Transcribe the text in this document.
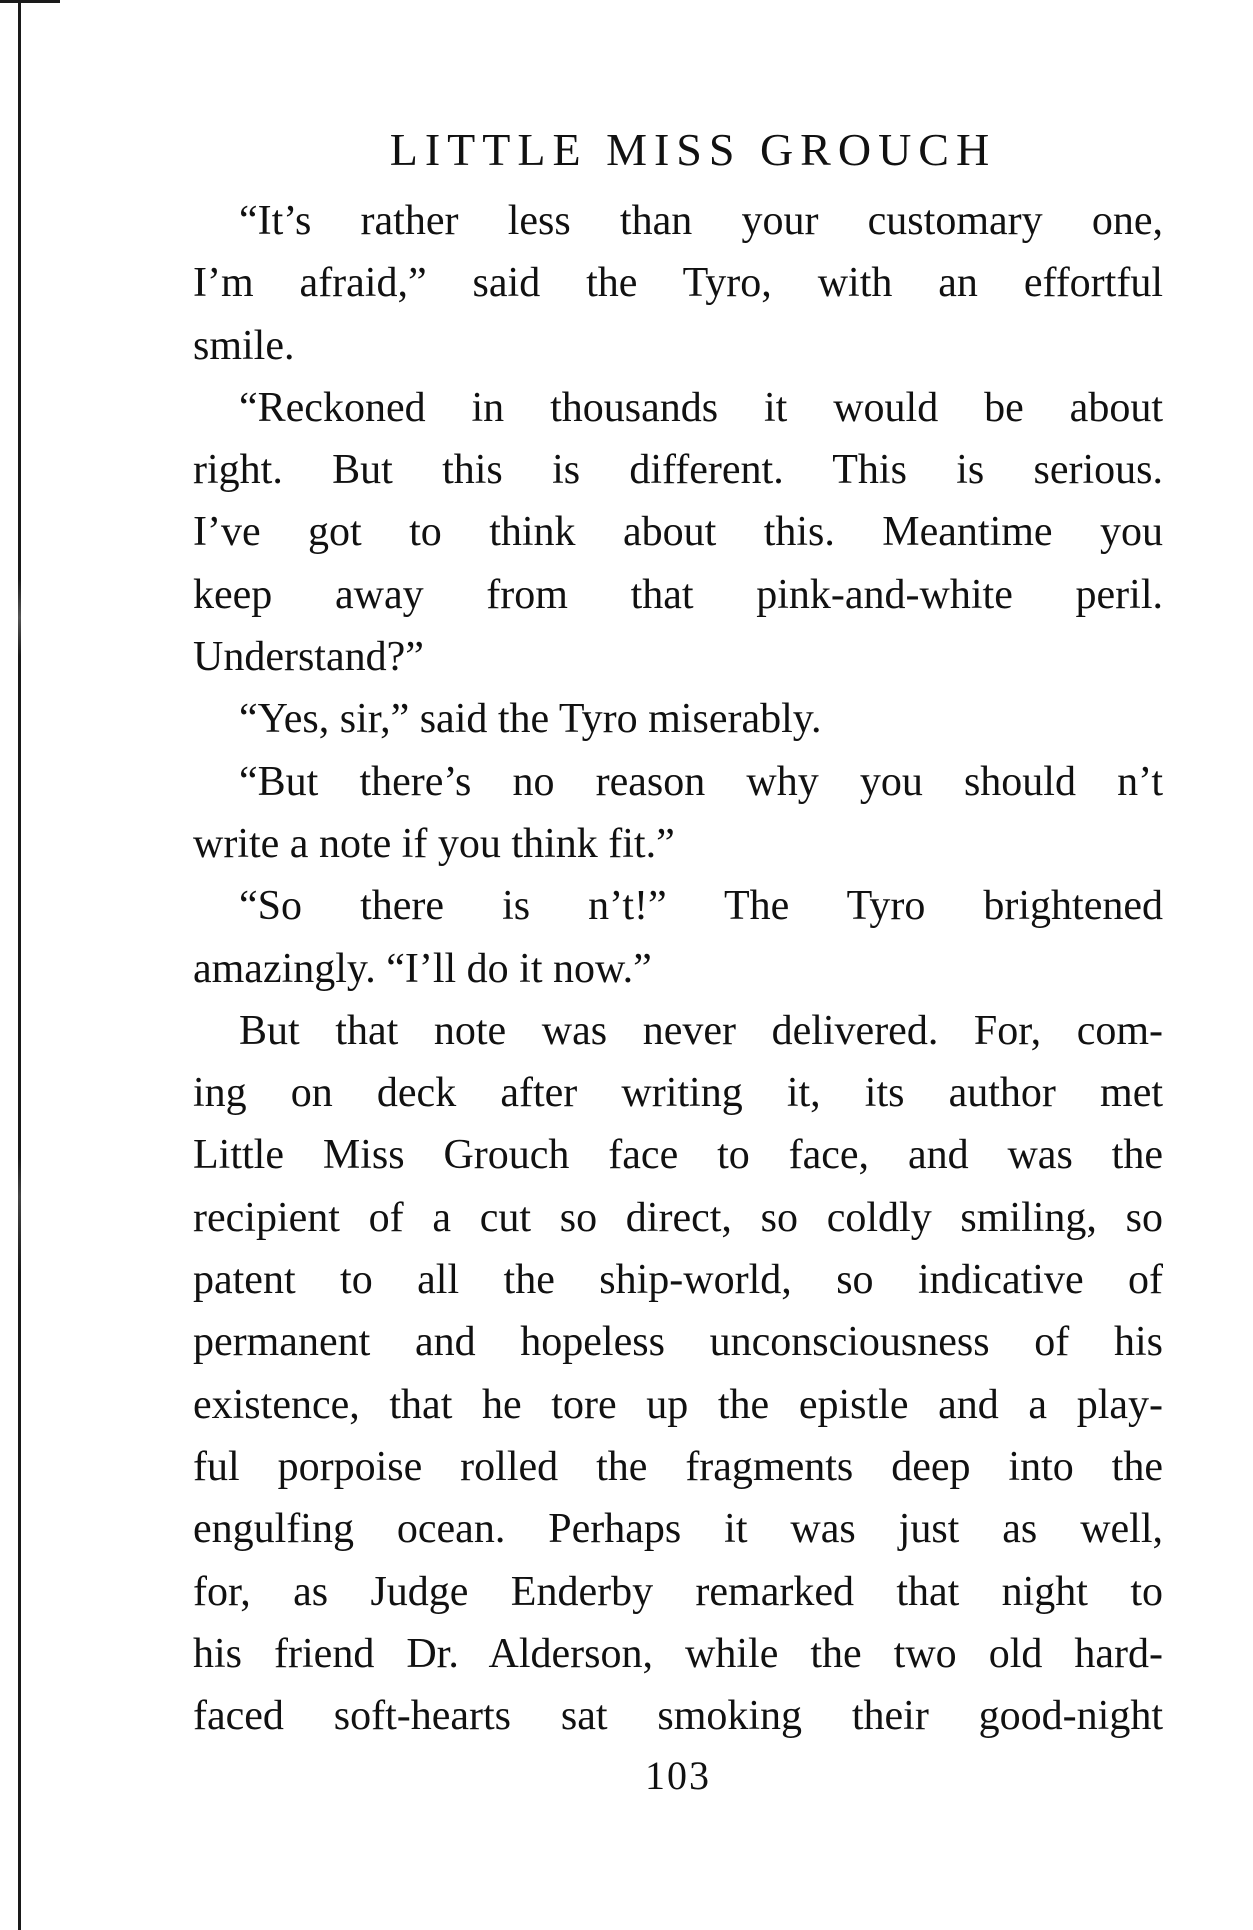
LITTLE MISS GROUCH
“It’s rather less than your customary one,
I’m afraid,” said the Tyro, with an effortful
smile.
“Reckoned in thousands it would be about
right. But this is different. This is serious.
I’ve got to think about this. Meantime you
keep away from that pink-and-white peril.
Understand?”
“Yes, sir,” said the Tyro miserably.
“But there’s no reason why you should n’t
write a note if you think fit.”
“So there is n’t!” The Tyro brightened
amazingly. “I’ll do it now.”
But that note was never delivered. For, com-
ing on deck after writing it, its author met
Little Miss Grouch face to face, and was the
recipient of a cut so direct, so coldly smiling, so
patent to all the ship-world, so indicative of
permanent and hopeless unconsciousness of his
existence, that he tore up the epistle and a play-
ful porpoise rolled the fragments deep into the
engulfing ocean. Perhaps it was just as well,
for, as Judge Enderby remarked that night to
his friend Dr. Alderson, while the two old hard-
faced soft-hearts sat smoking their good-night
103
